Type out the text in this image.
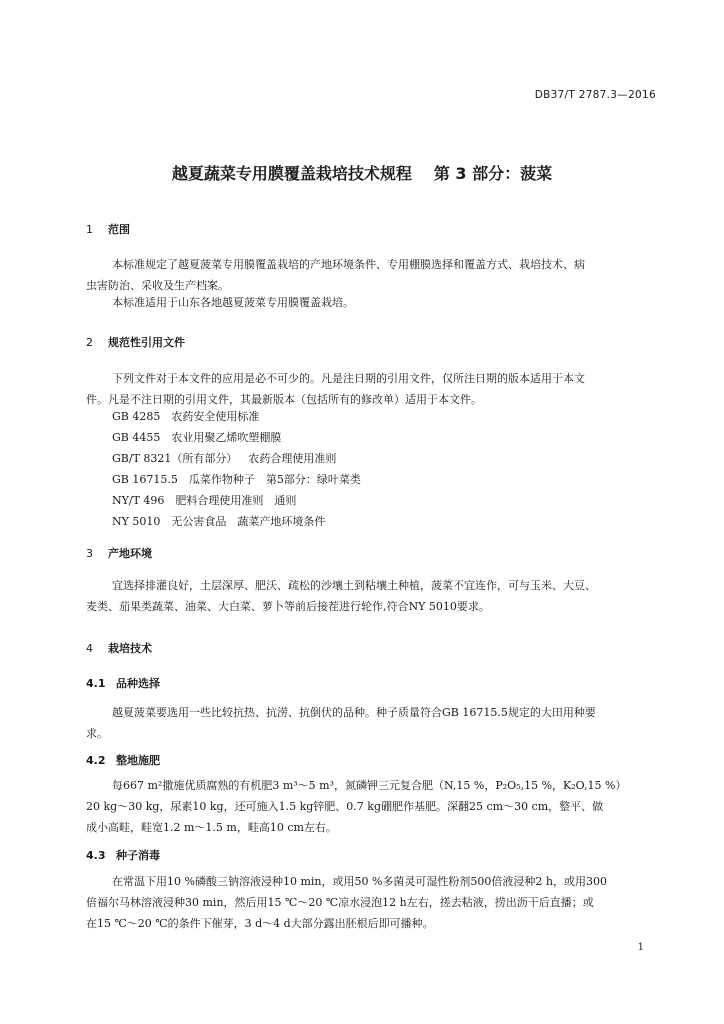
DB37/T 2787.3—2016
越夏蔬菜专用膜覆盖栽培技术规程 第 3 部分：菠菜
1 范围
本标准规定了越夏菠菜专用膜覆盖栽培的产地环境条件、专用棚膜选择和覆盖方式、栽培技术、病
虫害防治、采收及生产档案。
本标准适用于山东各地越夏菠菜专用膜覆盖栽培。
2 规范性引用文件
下列文件对于本文件的应用是必不可少的。凡是注日期的引用文件，仅所注日期的版本适用于本文
件。凡是不注日期的引用文件，其最新版本（包括所有的修改单）适用于本文件。
GB 4285　 农药安全使用标准
GB 4455　 农业用聚乙烯吹塑棚膜
GB/T 8321（所有部分）　 农药合理使用准则
GB 16715.5　 瓜菜作物种子　第5部分：绿叶菜类
NY/T 496　 肥料合理使用准则　通则
NY 5010　 无公害食品　蔬菜产地环境条件
3 产地环境
宜选择排灌良好，土层深厚、肥沃、疏松的沙壤土到粘壤土种植，菠菜不宜连作，可与玉米、大豆、
麦类、茄果类蔬菜、油菜、大白菜、萝卜等前后接茬进行轮作,符合NY 5010要求。
4 栽培技术
4.1 品种选择
越夏菠菜要选用一些比较抗热、抗涝、抗倒伏的品种。种子质量符合GB 16715.5规定的大田用种要
求。
4.2 整地施肥
每667 m²撒施优质腐熟的有机肥3 m³～5 m³，氮磷钾三元复合肥（N,15 %，P₂O₅,15 %，K₂O,15 %）
20 kg～30 kg，尿素10 kg，还可施入1.5 kg锌肥、0.7 kg硼肥作基肥。深翻25 cm～30 cm，整平、做
成小高畦，畦宽1.2 m～1.5 m，畦高10 cm左右。
4.3 种子消毒
在常温下用10 %磷酸三钠溶液浸种10 min，或用50 %多菌灵可湿性粉剂500倍液浸种2 h，或用300
倍福尔马林溶液浸种30 min，然后用15 ℃～20 ℃凉水浸泡12 h左右，搓去粘液，捞出沥干后直播；或
在15 ℃～20 ℃的条件下催芽，3 d～4 d大部分露出胚根后即可播种。
1
